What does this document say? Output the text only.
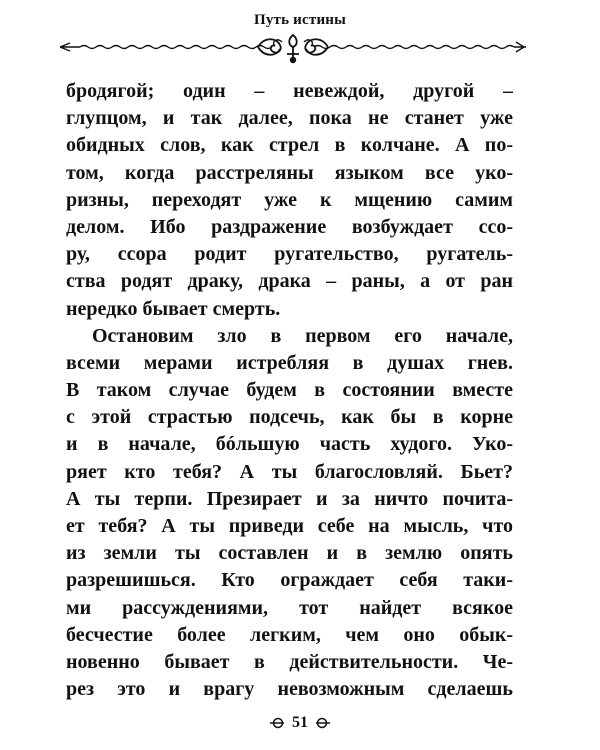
Путь истины
бродягой; один – невеждой, другой –
глупцом, и так далее, пока не станет уже
обидных слов, как стрел в колчане. А по-
том, когда расстреляны языком все уко-
ризны, переходят уже к мщению самим
делом. Ибо раздражение возбуждает ссо-
ру, ссора родит ругательство, ругатель-
ства родят драку, драка – раны, а от ран
нередко бывает смерть.
Остановим зло в первом его начале,
всеми мерами истребляя в душах гнев.
В таком случае будем в состоянии вместе
с этой страстью подсечь, как бы в корне
и в начале, бóльшую часть худого. Уко-
ряет кто тебя? А ты благословляй. Бьет?
А ты терпи. Презирает и за ничто почита-
ет тебя? А ты приведи себе на мысль, что
из земли ты составлен и в землю опять
разрешишься. Кто ограждает себя таки-
ми рассуждениями, тот найдет всякое
бесчестие более легким, чем оно обык-
новенно бывает в действительности. Че-
рез это и врагу невозможным сделаешь
51
